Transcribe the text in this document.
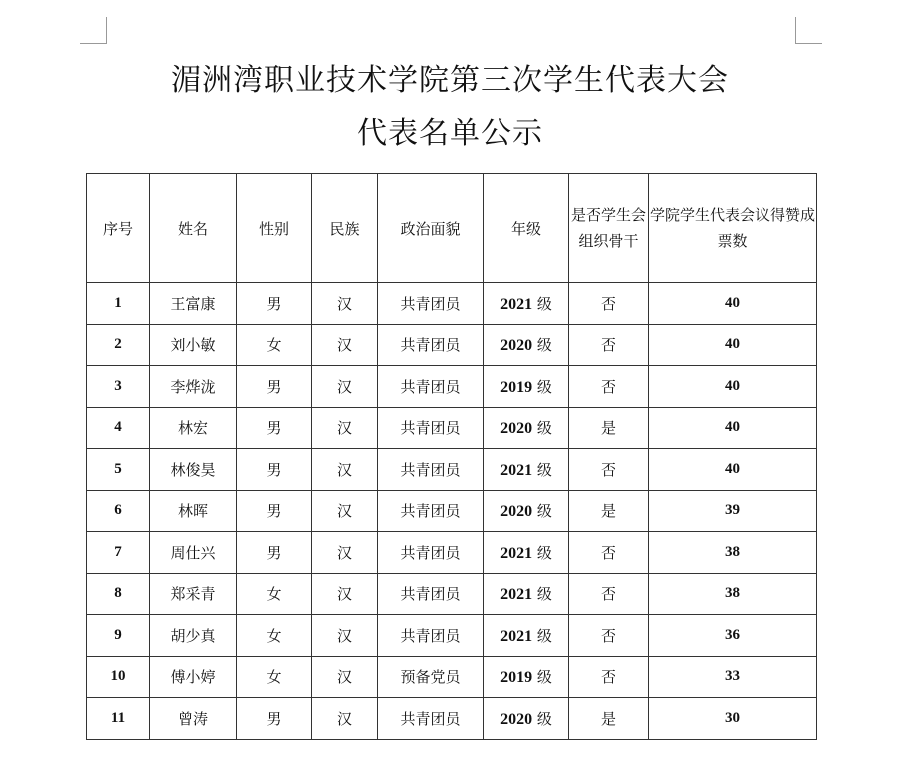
湄洲湾职业技术学院第三次学生代表大会
代表名单公示
序号	姓名	性别	民族	政治面貌	年级	是否学生会组织骨干	学院学生代表会议得赞成票数
1	王富康	男	汉	共青团员	2021 级	否	40
2	刘小敏	女	汉	共青团员	2020 级	否	40
3	李烨泷	男	汉	共青团员	2019 级	否	40
4	林宏	男	汉	共青团员	2020 级	是	40
5	林俊昊	男	汉	共青团员	2021 级	否	40
6	林晖	男	汉	共青团员	2020 级	是	39
7	周仕兴	男	汉	共青团员	2021 级	否	38
8	郑采青	女	汉	共青团员	2021 级	否	38
9	胡少真	女	汉	共青团员	2021 级	否	36
10	傅小婷	女	汉	预备党员	2019 级	否	33
11	曾涛	男	汉	共青团员	2020 级	是	30
